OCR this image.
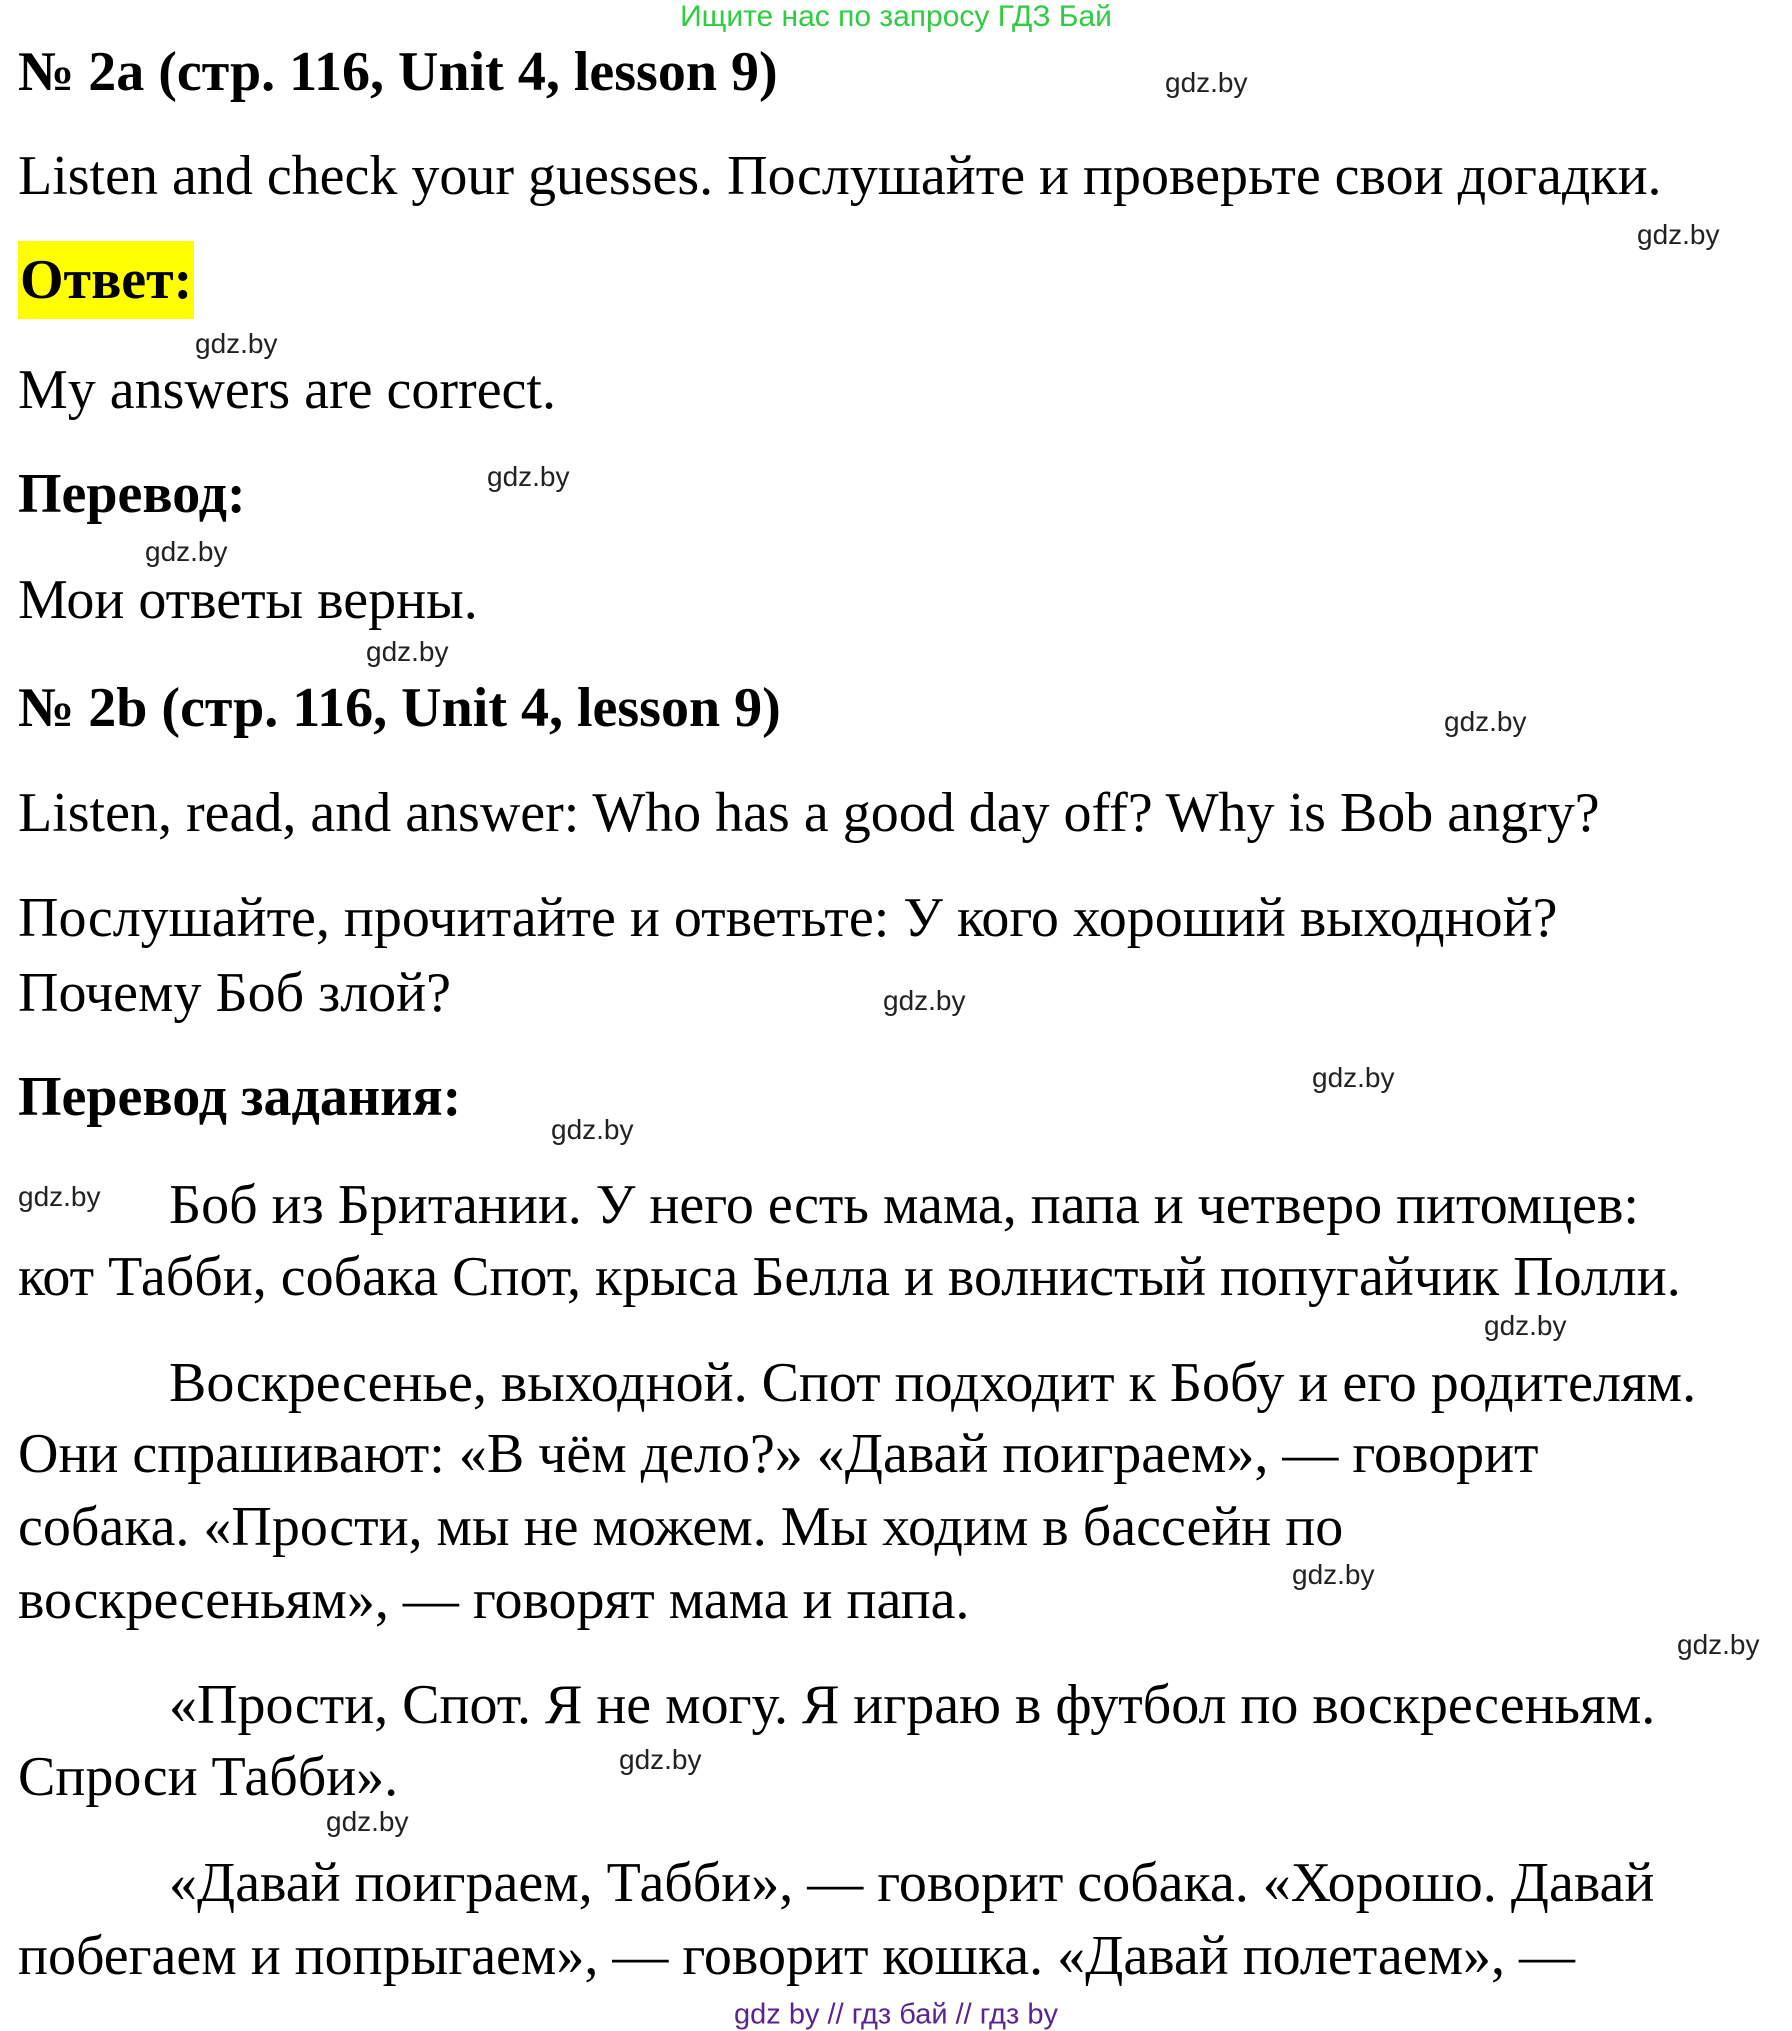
Ищите нас по запросу ГДЗ Бай
№ 2a (стр. 116, Unit 4, lesson 9)
Listen and check your guesses. Послушайте и проверьте свои догадки.
Ответ:
My answers are correct.
Перевод:
Мои ответы верны.
№ 2b (стр. 116, Unit 4, lesson 9)
Listen, read, and answer: Who has a good day off? Why is Bob angry?
Послушайте, прочитайте и ответьте: У кого хороший выходной?
Почему Боб злой?
Перевод задания:
Боб из Британии. У него есть мама, папа и четверо питомцев:
кот Табби, собака Спот, крыса Белла и волнистый попугайчик Полли.
Воскресенье, выходной. Спот подходит к Бобу и его родителям.
Они спрашивают: «В чём дело?» «Давай поиграем», — говорит
собака. «Прости, мы не можем. Мы ходим в бассейн по
воскресеньям», — говорят мама и папа.
«Прости, Спот. Я не могу. Я играю в футбол по воскресеньям.
Спроси Табби».
«Давай поиграем, Табби», — говорит собака. «Хорошо. Давай
побегаем и попрыгаем», — говорит кошка. «Давай полетаем», —
gdz.by
gdz.by
gdz.by
gdz.by
gdz.by
gdz.by
gdz.by
gdz.by
gdz.by
gdz.by
gdz.by
gdz.by
gdz.by
gdz.by
gdz.by
gdz.by
gdz by // гдз бай // гдз by
